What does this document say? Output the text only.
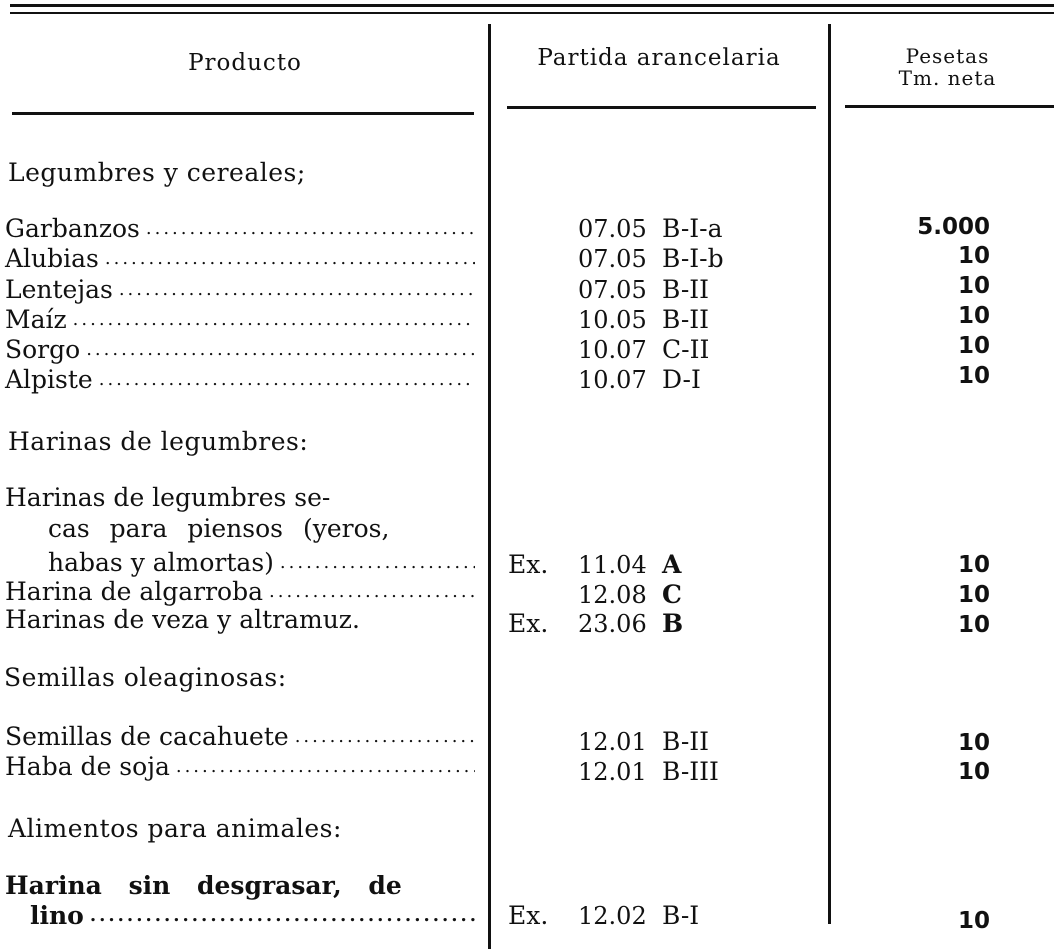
Producto	Partida arancelaria	Pesetas
Tm. neta
Legumbres y cereales;
Garbanzos .....	07.05 B-I-a	5.000
Alubias .....	07.05 B-I-b	10
Lentejas .....	07.05 B-II	10
Maíz .....	10.05 B-II	10
Sorgo .....	10.07 C-II	10
Alpiste .....	10.07 D-I	10
Harinas de legumbres:
Harinas de legumbres se-
cas para piensos (yeros,
habas y almortas) .....	Ex. 11.04 A	10
Harina de algarroba .....	12.08 C	10
Harinas de veza y altramuz.	Ex. 23.06 B	10
Semillas oleaginosas:
Semillas de cacahuete .....	12.01 B-II	10
Haba de soja .....	12.01 B-III	10
Alimentos para animales:
Harina sin desgrasar, de
lino .....	Ex. 12.02 B-I	10
